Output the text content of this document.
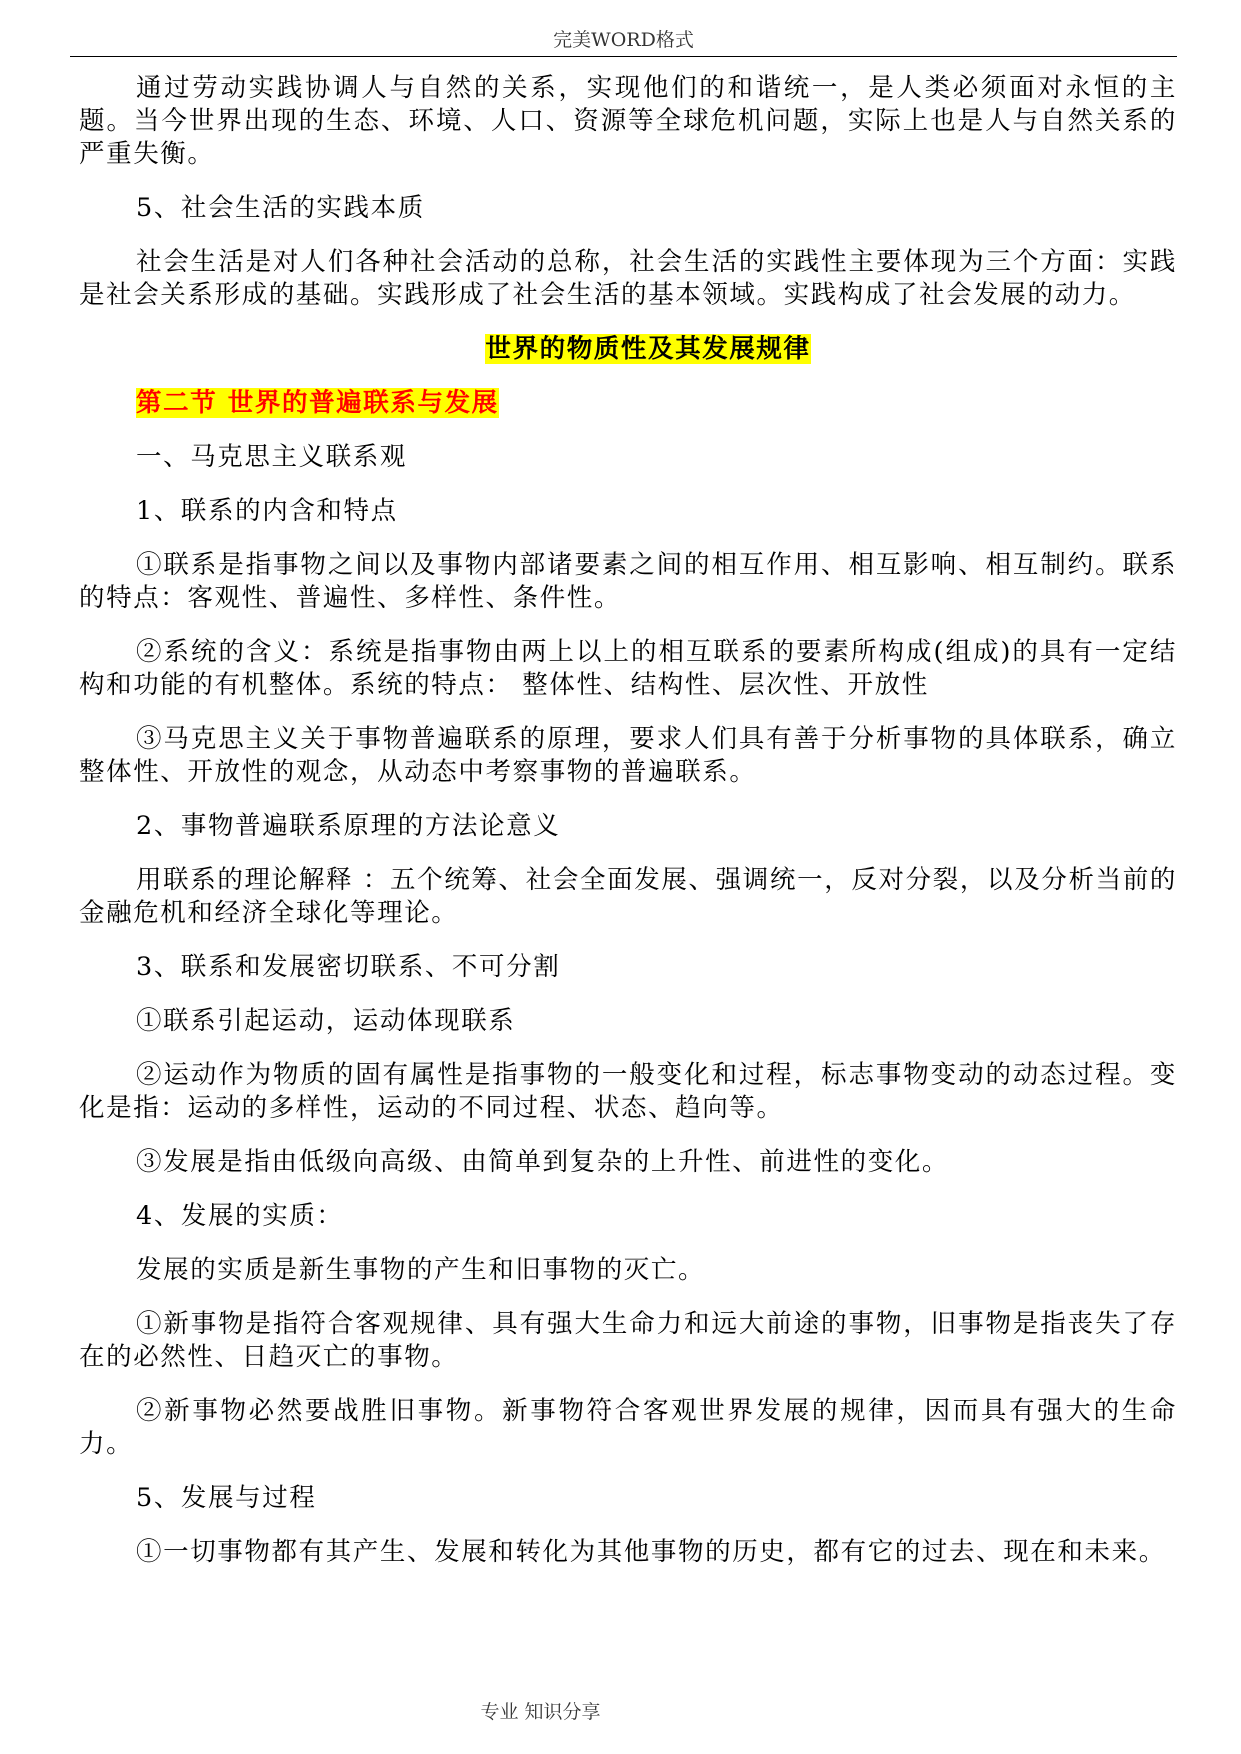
完美WORD格式

通过劳动实践协调人与自然的关系，实现他们的和谐统一，是人类必须面对永恒的主题。当今世界出现的生态、环境、人口、资源等全球危机问题，实际上也是人与自然关系的严重失衡。

5、社会生活的实践本质

社会生活是对人们各种社会活动的总称，社会生活的实践性主要体现为三个方面：实践是社会关系形成的基础。实践形成了社会生活的基本领域。实践构成了社会发展的动力。

世界的物质性及其发展规律

第二节 世界的普遍联系与发展

一、马克思主义联系观

1、联系的内含和特点

①联系是指事物之间以及事物内部诸要素之间的相互作用、相互影响、相互制约。联系的特点：客观性、普遍性、多样性、条件性。

②系统的含义：系统是指事物由两上以上的相互联系的要素所构成(组成)的具有一定结构和功能的有机整体。系统的特点： 整体性、结构性、层次性、开放性

③马克思主义关于事物普遍联系的原理，要求人们具有善于分析事物的具体联系，确立整体性、开放性的观念，从动态中考察事物的普遍联系。

2、事物普遍联系原理的方法论意义

用联系的理论解释 ：五个统筹、社会全面发展、强调统一，反对分裂，以及分析当前的金融危机和经济全球化等理论。

3、联系和发展密切联系、不可分割

①联系引起运动，运动体现联系

②运动作为物质的固有属性是指事物的一般变化和过程，标志事物变动的动态过程。变化是指：运动的多样性，运动的不同过程、状态、趋向等。

③发展是指由低级向高级、由简单到复杂的上升性、前进性的变化。

4、发展的实质：

发展的实质是新生事物的产生和旧事物的灭亡。

①新事物是指符合客观规律、具有强大生命力和远大前途的事物，旧事物是指丧失了存在的必然性、日趋灭亡的事物。

②新事物必然要战胜旧事物。新事物符合客观世界发展的规律，因而具有强大的生命力。

5、发展与过程

①一切事物都有其产生、发展和转化为其他事物的历史，都有它的过去、现在和未来。

专业 知识分享
